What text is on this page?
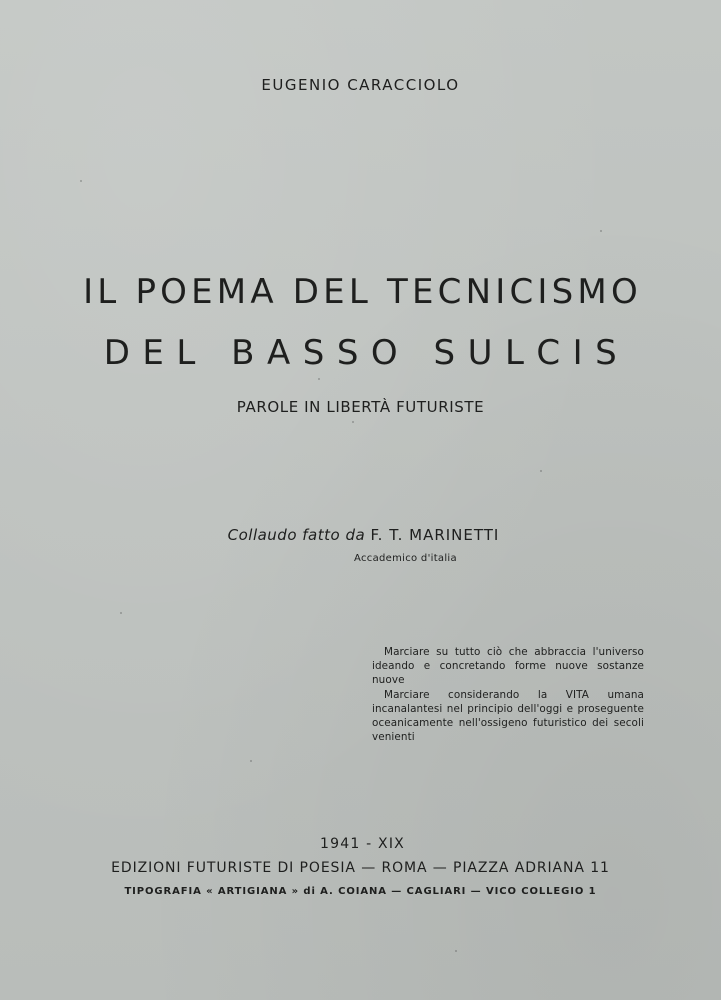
EUGENIO CARACCIOLO
IL POEMA DEL TECNICISMO
DEL BASSO SULCIS
PAROLE IN LIBERTÀ FUTURISTE
Collaudo fatto da F. T. MARINETTI
Accademico d'italia

Marciare su tutto ciò che abbraccia l'universo ideando e concretando forme nuove sostanze nuove

Marciare considerando la VITA umana incanalantesi nel principio dell'oggi e proseguente oceanicamente nell'ossigeno futuristico dei secoli venienti

1941 - XIX
EDIZIONI FUTURISTE DI POESIA — ROMA — PIAZZA ADRIANA 11
TIPOGRAFIA « ARTIGIANA » di A. COIANA — CAGLIARI — VICO COLLEGIO 1
